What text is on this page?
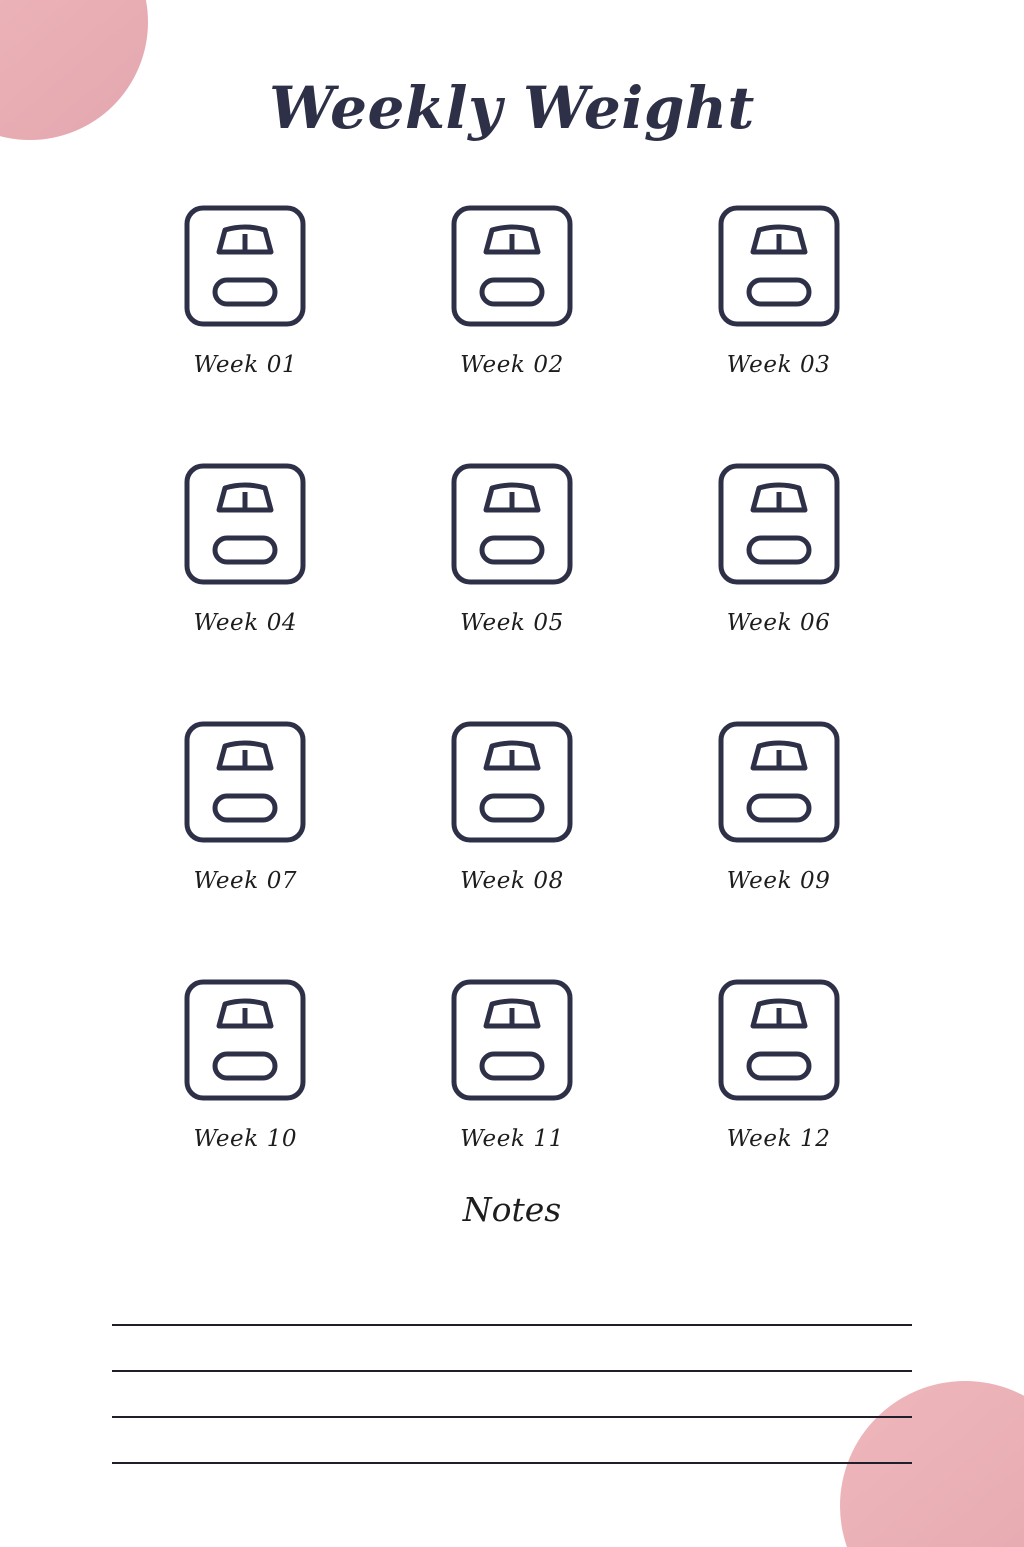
Weekly Weight
Week 01	Week 02	Week 03
Week 04	Week 05	Week 06
Week 07	Week 08	Week 09
Week 10	Week 11	Week 12
Notes
